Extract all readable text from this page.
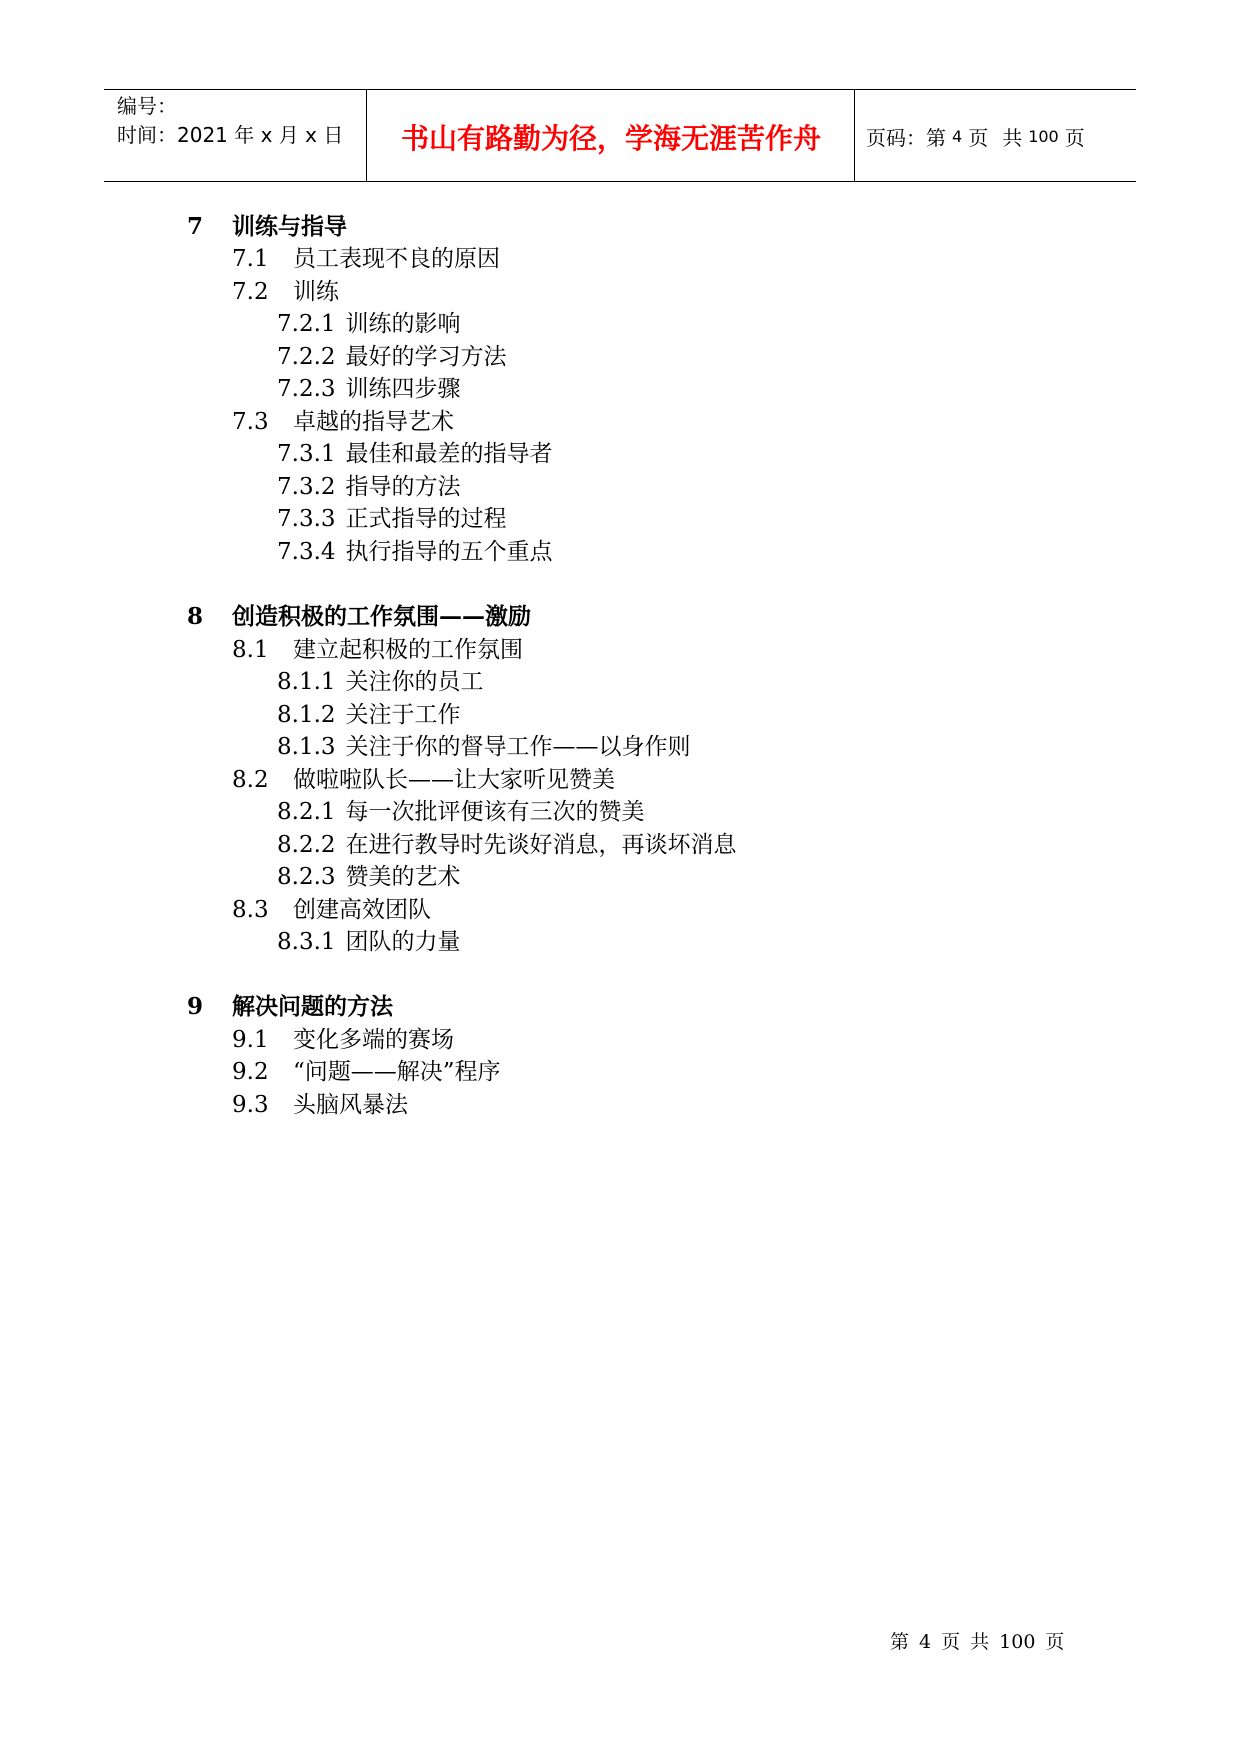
编号：
时间：2021 年 x 月 x 日	书山有路勤为径，学海无涯苦作舟	页码：第 4 页 共 100 页
7 训练与指导
7.1 员工表现不良的原因
7.2 训练
7.2.1 训练的影响
7.2.2 最好的学习方法
7.2.3 训练四步骤
7.3 卓越的指导艺术
7.3.1 最佳和最差的指导者
7.3.2 指导的方法
7.3.3 正式指导的过程
7.3.4 执行指导的五个重点
8 创造积极的工作氛围——激励
8.1 建立起积极的工作氛围
8.1.1 关注你的员工
8.1.2 关注于工作
8.1.3 关注于你的督导工作——以身作则
8.2 做啦啦队长——让大家听见赞美
8.2.1 每一次批评便该有三次的赞美
8.2.2 在进行教导时先谈好消息，再谈坏消息
8.2.3 赞美的艺术
8.3 创建高效团队
8.3.1 团队的力量
9 解决问题的方法
9.1 变化多端的赛场
9.2 “问题——解决”程序
9.3 头脑风暴法
第 4 页 共 100 页
